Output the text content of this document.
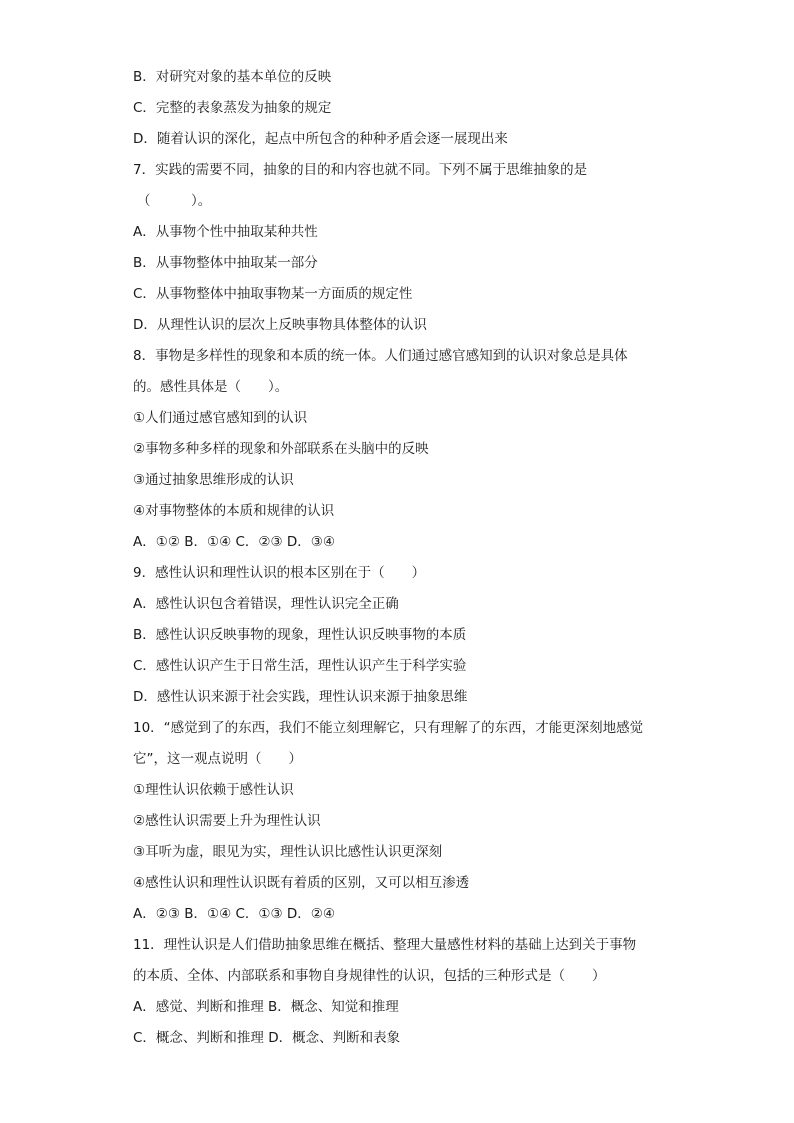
B．对研究对象的基本单位的反映
C．完整的表象蒸发为抽象的规定
D．随着认识的深化，起点中所包含的种种矛盾会逐一展现出来
7．实践的需要不同，抽象的目的和内容也就不同。下列不属于思维抽象的是
（　　　）。
A．从事物个性中抽取某种共性
B．从事物整体中抽取某一部分
C．从事物整体中抽取事物某一方面质的规定性
D．从理性认识的层次上反映事物具体整体的认识
8．事物是多样性的现象和本质的统一体。人们通过感官感知到的认识对象总是具体
的。感性具体是（　　）。
①人们通过感官感知到的认识
②事物多种多样的现象和外部联系在头脑中的反映
③通过抽象思维形成的认识
④对事物整体的本质和规律的认识
A．①② B．①④ C．②③ D．③④
9．感性认识和理性认识的根本区别在于（　　）
A．感性认识包含着错误，理性认识完全正确
B．感性认识反映事物的现象，理性认识反映事物的本质
C．感性认识产生于日常生活，理性认识产生于科学实验
D．感性认识来源于社会实践，理性认识来源于抽象思维
10．“感觉到了的东西，我们不能立刻理解它，只有理解了的东西，才能更深刻地感觉
它”，这一观点说明（　　）
①理性认识依赖于感性认识
②感性认识需要上升为理性认识
③耳听为虚，眼见为实，理性认识比感性认识更深刻
④感性认识和理性认识既有着质的区别，又可以相互渗透
A．②③ B．①④ C．①③ D．②④
11．理性认识是人们借助抽象思维在概括、整理大量感性材料的基础上达到关于事物
的本质、全体、内部联系和事物自身规律性的认识，包括的三种形式是（　　）
A．感觉、判断和推理 B．概念、知觉和推理
C．概念、判断和推理 D．概念、判断和表象
